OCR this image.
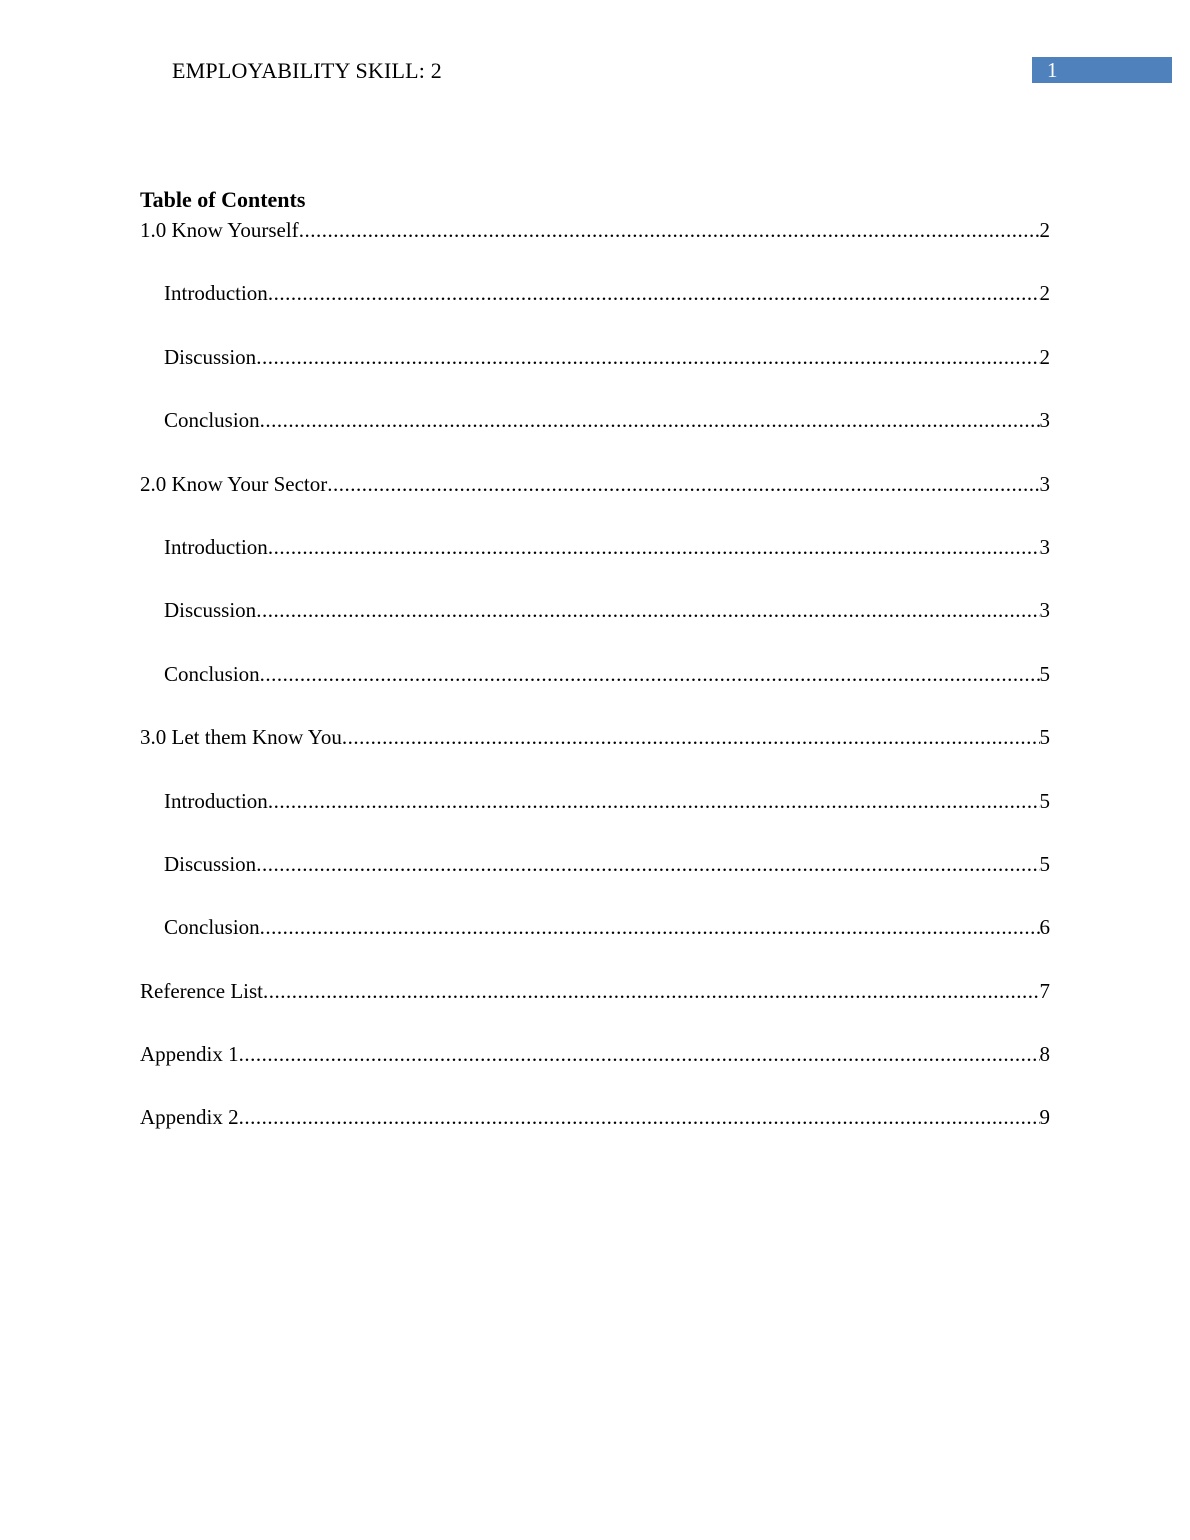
EMPLOYABILITY SKILL: 2	1
Table of Contents
1.0 Know Yourself .....	2
Introduction .....	2
Discussion .....	2
Conclusion .....	3
2.0 Know Your Sector .....	3
Introduction .....	3
Discussion .....	3
Conclusion .....	5
3.0 Let them Know You .....	5
Introduction .....	5
Discussion .....	5
Conclusion .....	6
Reference List .....	7
Appendix 1 .....	8
Appendix 2 .....	9
